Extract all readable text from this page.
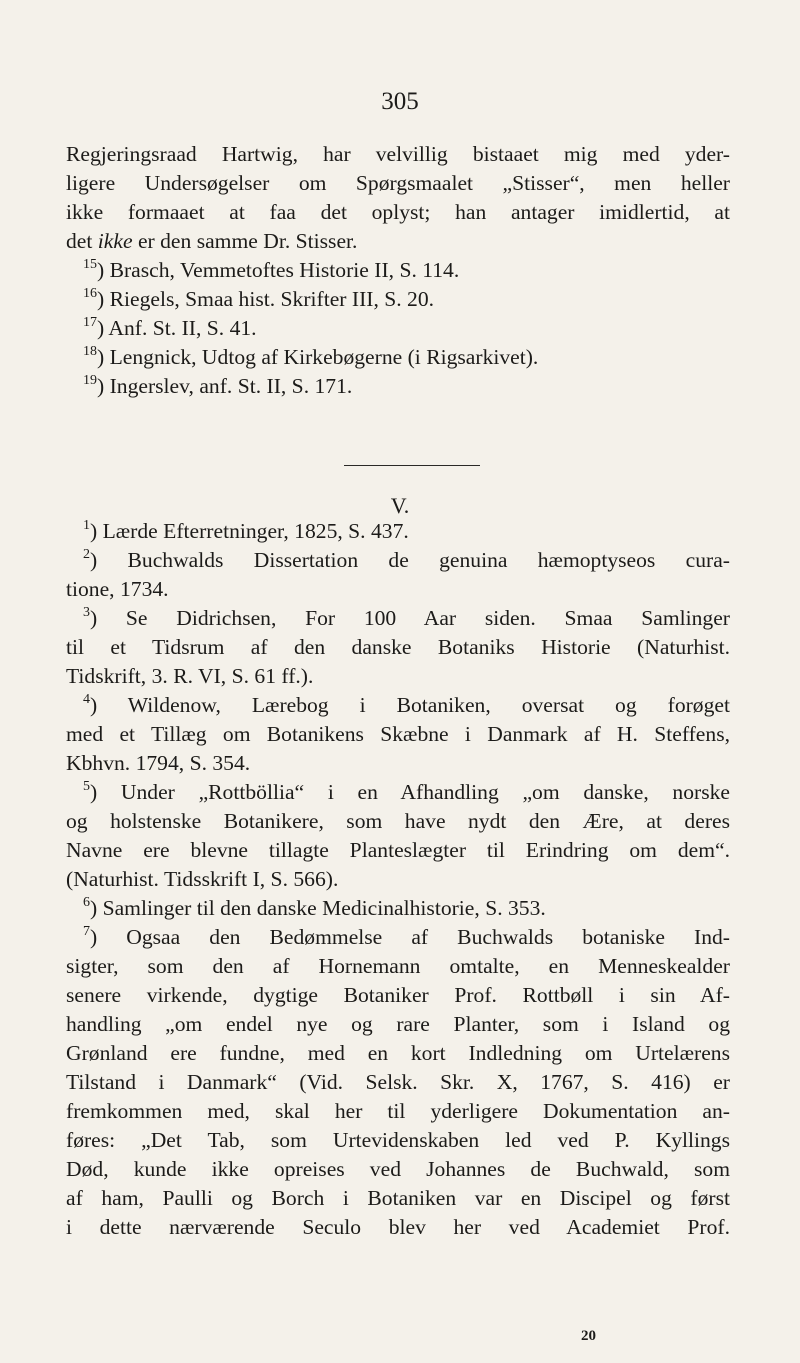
305
Regjeringsraad Hartwig, har velvillig bistaaet mig med yder-
ligere Undersøgelser om Spørgsmaalet „Stisser“, men heller
ikke formaaet at faa det oplyst; han antager imidlertid, at
det ikke er den samme Dr. Stisser.
$^{15}$) Brasch, Vemmetoftes Historie II, S. 114.
$^{16}$) Riegels, Smaa hist. Skrifter III, S. 20.
$^{17}$) Anf. St. II, S. 41.
$^{18}$) Lengnick, Udtog af Kirkebøgerne (i Rigsarkivet).
$^{19}$) Ingerslev, anf. St. II, S. 171.
V.
$^1$) Lærde Efterretninger, 1825, S. 437.
$^2$) Buchwalds Dissertation de genuina hæmoptyseos cura-
tione, 1734.
$^3$) Se Didrichsen, For 100 Aar siden. Smaa Samlinger
til et Tidsrum af den danske Botaniks Historie (Naturhist.
Tidskrift, 3. R. VI, S. 61 ff.).
$^4$) Wildenow, Lærebog i Botaniken, oversat og forøget
med et Tillæg om Botanikens Skæbne i Danmark af H. Steffens,
Kbhvn. 1794, S. 354.
$^5$) Under „Rottböllia“ i en Afhandling „om danske, norske
og holstenske Botanikere, som have nydt den Ære, at deres
Navne ere blevne tillagte Planteslægter til Erindring om dem“.
(Naturhist. Tidsskrift I, S. 566).
$^6$) Samlinger til den danske Medicinalhistorie, S. 353.
$^7$) Ogsaa den Bedømmelse af Buchwalds botaniske Ind-
sigter, som den af Hornemann omtalte, en Menneskealder
senere virkende, dygtige Botaniker Prof. Rottbøll i sin Af-
handling „om endel nye og rare Planter, som i Island og
Grønland ere fundne, med en kort Indledning om Urtelærens
Tilstand i Danmark“ (Vid. Selsk. Skr. X, 1767, S. 416) er
fremkommen med, skal her til yderligere Dokumentation an-
føres: „Det Tab, som Urtevidenskaben led ved P. Kyllings
Død, kunde ikke opreises ved Johannes de Buchwald, som
af ham, Paulli og Borch i Botaniken var en Discipel og først
i dette nærværende Seculo blev her ved Academiet Prof.
20
